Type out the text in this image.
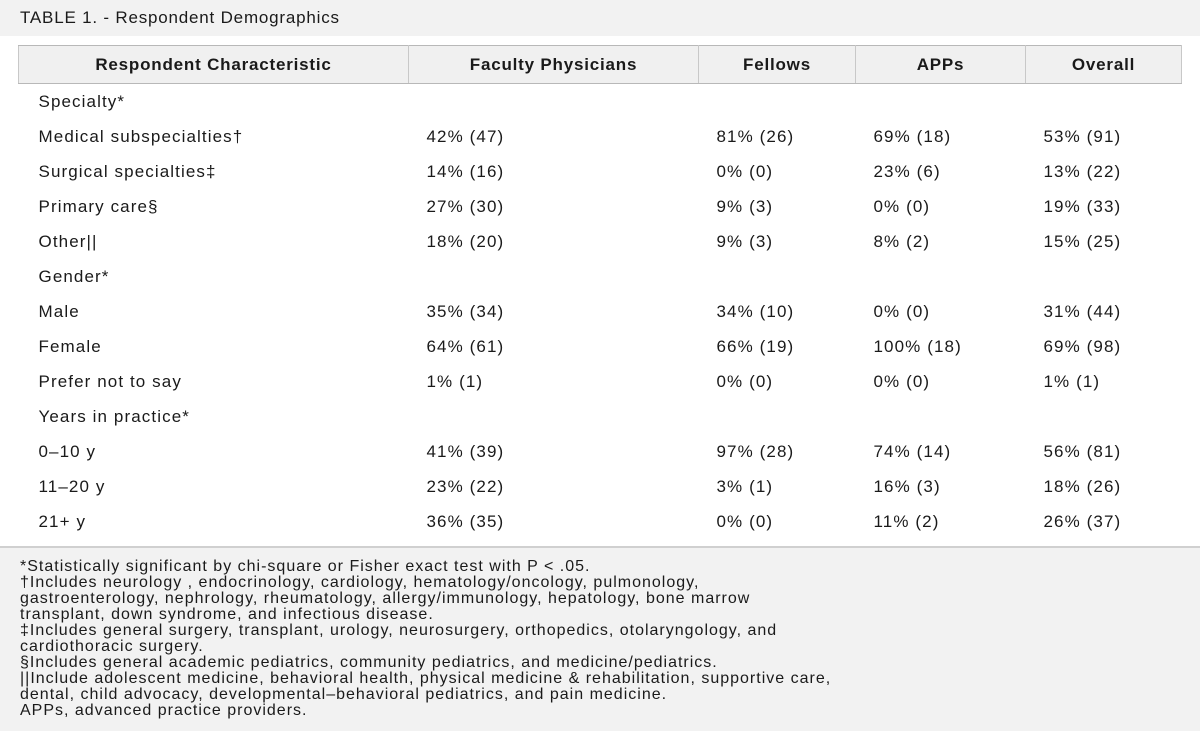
TABLE 1. - Respondent Demographics
Respondent Characteristic	Faculty Physicians	Fellows	APPs	Overall
Specialty*				
Medical subspecialties†	42% (47)	81% (26)	69% (18)	53% (91)
Surgical specialties‡	14% (16)	0% (0)	23% (6)	13% (22)
Primary care§	27% (30)	9% (3)	0% (0)	19% (33)
Other||	18% (20)	9% (3)	8% (2)	15% (25)
Gender*				
Male	35% (34)	34% (10)	0% (0)	31% (44)
Female	64% (61)	66% (19)	100% (18)	69% (98)
Prefer not to say	1% (1)	0% (0)	0% (0)	1% (1)
Years in practice*				
0–10 y	41% (39)	97% (28)	74% (14)	56% (81)
11–20 y	23% (22)	3% (1)	16% (3)	18% (26)
21+ y	36% (35)	0% (0)	11% (2)	26% (37)
*Statistically significant by chi-square or Fisher exact test with P < .05.
†Includes neurology , endocrinology, cardiology, hematology/oncology, pulmonology,
gastroenterology, nephrology, rheumatology, allergy/immunology, hepatology, bone marrow
transplant, down syndrome, and infectious disease.
‡Includes general surgery, transplant, urology, neurosurgery, orthopedics, otolaryngology, and
cardiothoracic surgery.
§Includes general academic pediatrics, community pediatrics, and medicine/pediatrics.
||Include adolescent medicine, behavioral health, physical medicine & rehabilitation, supportive care,
dental, child advocacy, developmental–behavioral pediatrics, and pain medicine.
APPs, advanced practice providers.
